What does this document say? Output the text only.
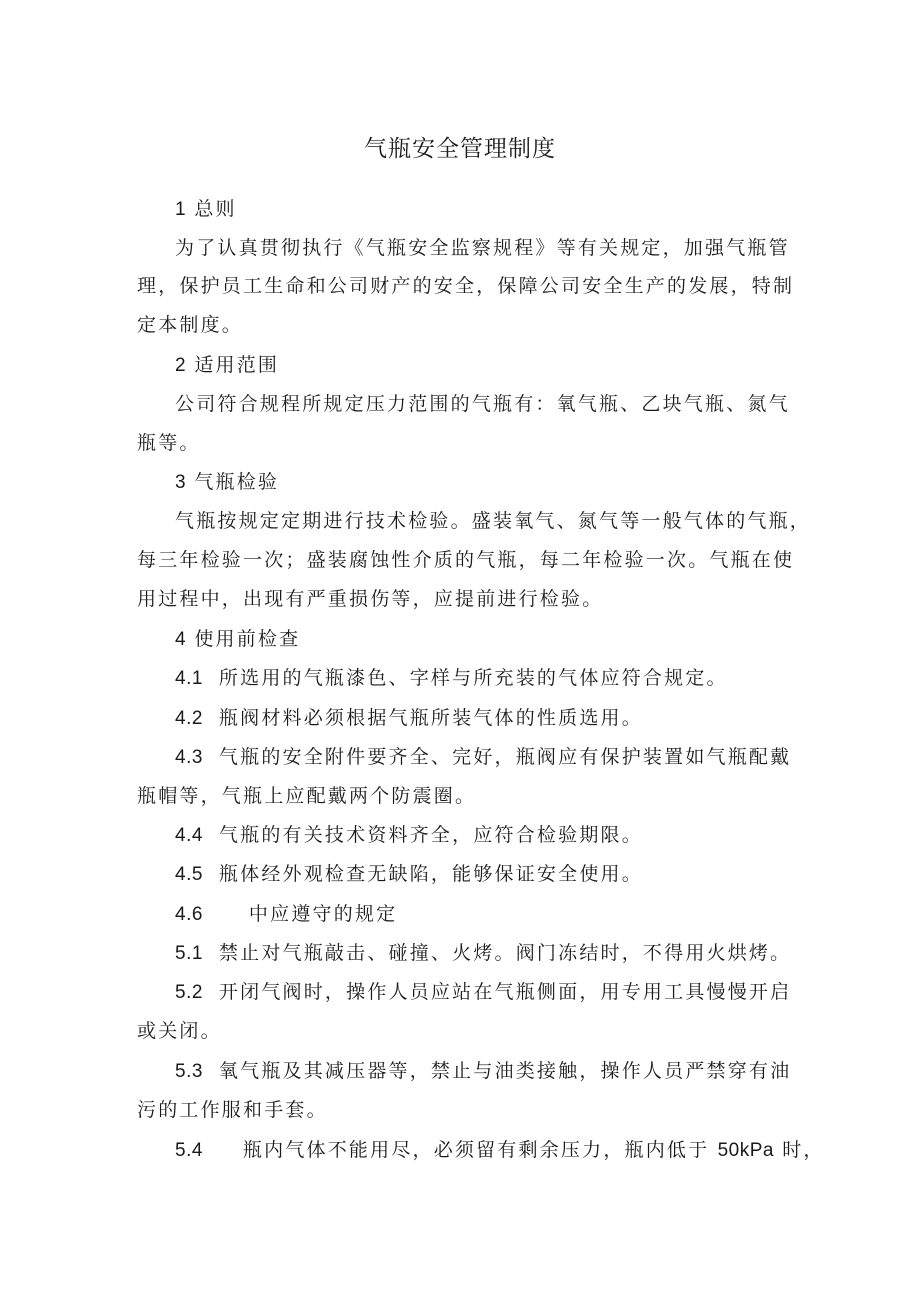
气瓶安全管理制度
1 总则
为了认真贯彻执行《气瓶安全监察规程》等有关规定，加强气瓶管
理，保护员工生命和公司财产的安全，保障公司安全生产的发展，特制
定本制度。
2 适用范围
公司符合规程所规定压力范围的气瓶有：氧气瓶、乙块气瓶、氮气
瓶等。
3 气瓶检验
气瓶按规定定期进行技术检验。盛装氧气、氮气等一般气体的气瓶，
每三年检验一次；盛装腐蚀性介质的气瓶，每二年检验一次。气瓶在使
用过程中，出现有严重损伤等，应提前进行检验。
4 使用前检查
4.1 所选用的气瓶漆色、字样与所充装的气体应符合规定。
4.2 瓶阀材料必须根据气瓶所装气体的性质选用。
4.3 气瓶的安全附件要齐全、完好，瓶阀应有保护装置如气瓶配戴
瓶帽等，气瓶上应配戴两个防震圈。
4.4 气瓶的有关技术资料齐全，应符合检验期限。
4.5 瓶体经外观检查无缺陷，能够保证安全使用。
4.6 中应遵守的规定
5.1 禁止对气瓶敲击、碰撞、火烤。阀门冻结时，不得用火烘烤。
5.2 开闭气阀时，操作人员应站在气瓶侧面，用专用工具慢慢开启
或关闭。
5.3 氧气瓶及其减压器等，禁止与油类接触，操作人员严禁穿有油
污的工作服和手套。
5.4 瓶内气体不能用尽，必须留有剩余压力，瓶内低于 50kPa 时，
